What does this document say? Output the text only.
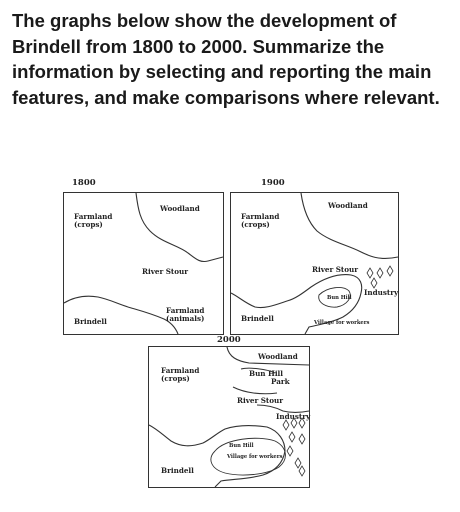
The graphs below show the development of Brindell from 1800 to 2000. Summarize the information by selecting and reporting the main features, and make comparisons where relevant.
1800
Farmland
(crops)
Woodland
River Stour
Farmland
(animals)
Brindell
1900
Farmland
(crops)
Woodland
River Stour
Industry
Bun Hill
Village for workers
Brindell
2000
Farmland
(crops)
Woodland
Bun Hill
Park
River Stour
Industry
Bun Hill
Village for workers
Brindell
